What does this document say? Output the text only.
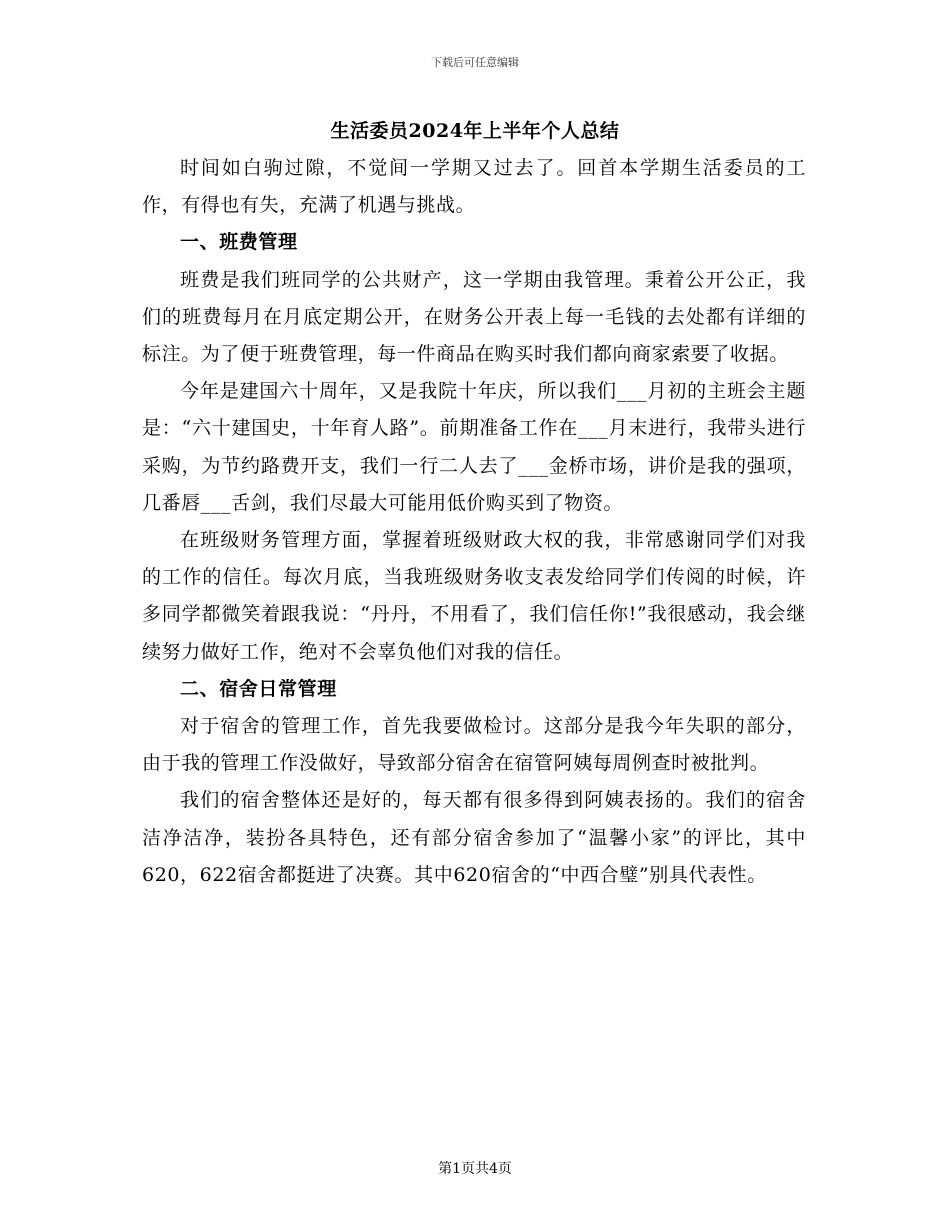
下载后可任意编辑
生活委员2024年上半年个人总结

时间如白驹过隙，不觉间一学期又过去了。回首本学期生活委员的工作，有得也有失，充满了机遇与挑战。

一、班费管理

班费是我们班同学的公共财产，这一学期由我管理。秉着公开公正，我们的班费每月在月底定期公开，在财务公开表上每一毛钱的去处都有详细的标注。为了便于班费管理，每一件商品在购买时我们都向商家索要了收据。

今年是建国六十周年，又是我院十年庆，所以我们___月初的主班会主题是：“六十建国史，十年育人路”。前期准备工作在___月末进行，我带头进行采购，为节约路费开支，我们一行二人去了___金桥市场，讲价是我的强项，几番唇___舌剑，我们尽最大可能用低价购买到了物资。

在班级财务管理方面，掌握着班级财政大权的我，非常感谢同学们对我的工作的信任。每次月底，当我班级财务收支表发给同学们传阅的时候，许多同学都微笑着跟我说：“丹丹，不用看了，我们信任你!”我很感动，我会继续努力做好工作，绝对不会辜负他们对我的信任。

二、宿舍日常管理

对于宿舍的管理工作，首先我要做检讨。这部分是我今年失职的部分，由于我的管理工作没做好，导致部分宿舍在宿管阿姨每周例查时被批判。

我们的宿舍整体还是好的，每天都有很多得到阿姨表扬的。我们的宿舍洁净洁净，装扮各具特色，还有部分宿舍参加了“温馨小家”的评比，其中620，622宿舍都挺进了决赛。其中620宿舍的“中西合璧”别具代表性。

第1页共4页
